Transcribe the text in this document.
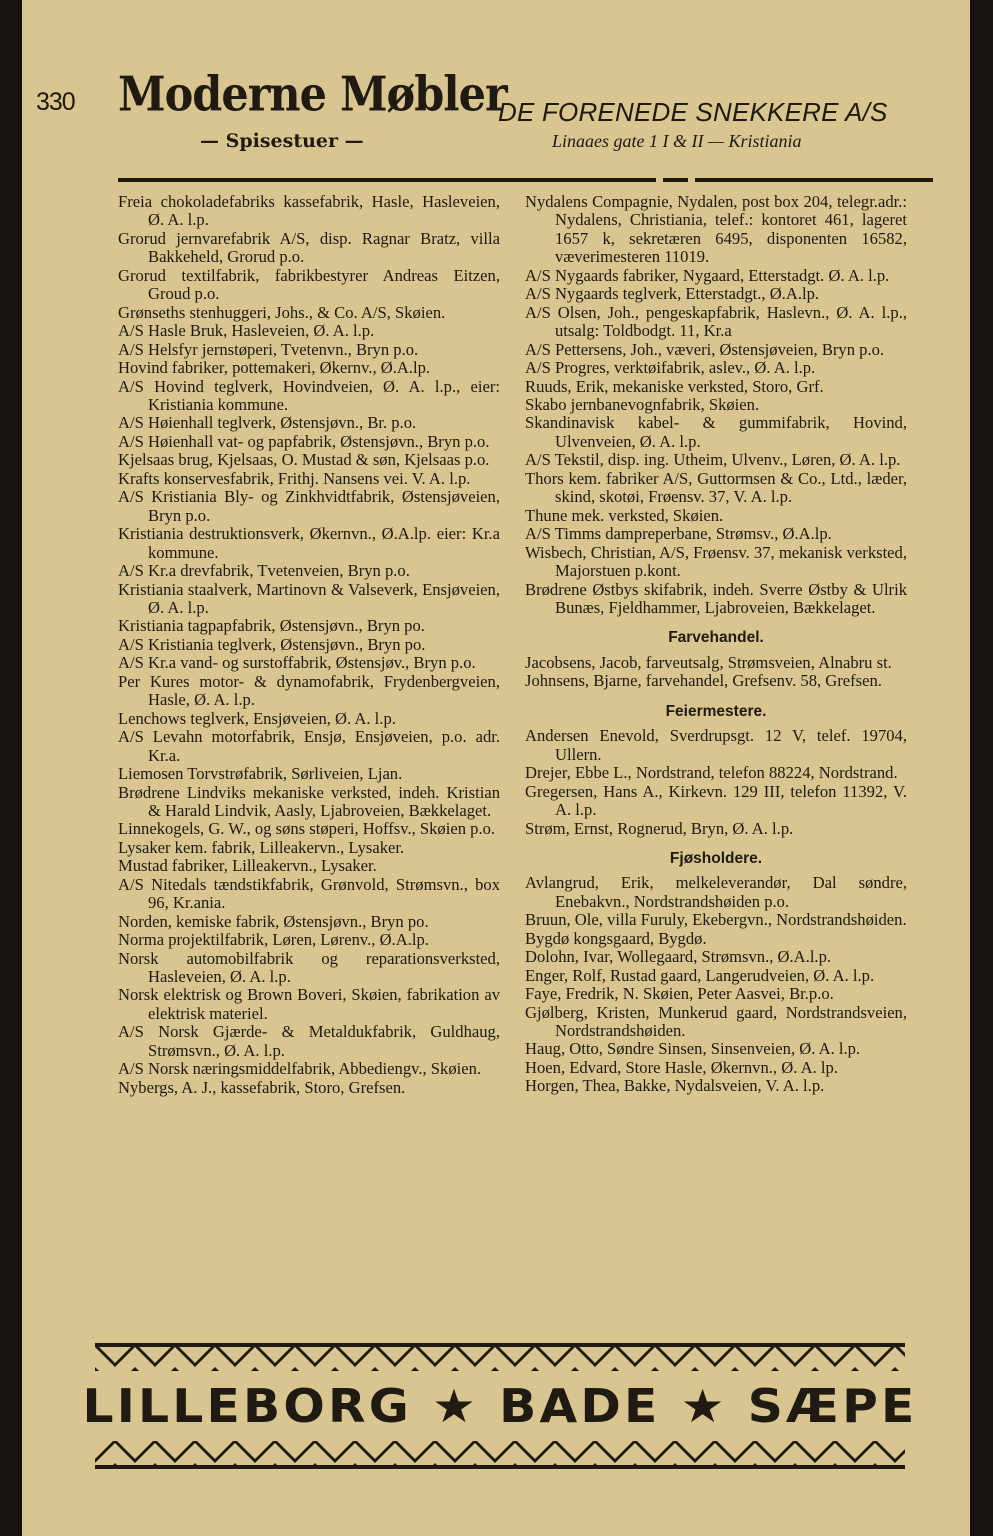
330 Moderne Møbler
— Spisestuer —
DE FORENEDE SNEKKERE A/S
Linaaes gate 1 I & II — Kristiania

Freia chokoladefabriks kassefabrik, Hasle, Hasleveien, Ø. A. l.p.

Grorud jernvarefabrik A/S, disp. Ragnar Bratz, villa Bakkeheld, Grorud p.o.

Grorud textilfabrik, fabrikbestyrer Andreas Eitzen, Groud p.o.

Grønseths stenhuggeri, Johs., & Co. A/S, Skøien.

A/S Hasle Bruk, Hasleveien, Ø. A. l.p.

A/S Helsfyr jernstøperi, Tvetenvn., Bryn p.o.

Hovind fabriker, pottemakeri, Økernv., Ø.A.lp.

A/S Hovind teglverk, Hovindveien, Ø. A. l.p., eier: Kristiania kommune.

A/S Høienhall teglverk, Østensjøvn., Br. p.o.

A/S Høienhall vat- og papfabrik, Østensjøvn., Bryn p.o.

Kjelsaas brug, Kjelsaas, O. Mustad & søn, Kjelsaas p.o.

Krafts konservesfabrik, Frithj. Nansens vei. V. A. l.p.

A/S Kristiania Bly- og Zinkhvidtfabrik, Østensjøveien, Bryn p.o.

Kristiania destruktionsverk, Økernvn., Ø.A.lp. eier: Kr.a kommune.

A/S Kr.a drevfabrik, Tvetenveien, Bryn p.o.

Kristiania staalverk, Martinovn & Valseverk, Ensjøveien, Ø. A. l.p.

Kristiania tagpapfabrik, Østensjøvn., Bryn po.

A/S Kristiania teglverk, Østensjøvn., Bryn po.

A/S Kr.a vand- og surstoffabrik, Østensjøv., Bryn p.o.

Per Kures motor- & dynamofabrik, Frydenbergveien, Hasle, Ø. A. l.p.

Lenchows teglverk, Ensjøveien, Ø. A. l.p.

A/S Levahn motorfabrik, Ensjø, Ensjøveien, p.o. adr. Kr.a.

Liemosen Torvstrøfabrik, Sørliveien, Ljan.

Brødrene Lindviks mekaniske verksted, indeh. Kristian & Harald Lindvik, Aasly, Ljabroveien, Bækkelaget.

Linnekogels, G. W., og søns støperi, Hoffsv., Skøien p.o.

Lysaker kem. fabrik, Lilleakervn., Lysaker.

Mustad fabriker, Lilleakervn., Lysaker.

A/S Nitedals tændstikfabrik, Grønvold, Strømsvn., box 96, Kr.ania.

Norden, kemiske fabrik, Østensjøvn., Bryn po.

Norma projektilfabrik, Løren, Lørenv., Ø.A.lp.

Norsk automobilfabrik og reparationsverksted, Hasleveien, Ø. A. l.p.

Norsk elektrisk og Brown Boveri, Skøien, fabrikation av elektrisk materiel.

A/S Norsk Gjærde- & Metaldukfabrik, Guldhaug, Strømsvn., Ø. A. l.p.

A/S Norsk næringsmiddelfabrik, Abbediengv., Skøien.

Nybergs, A. J., kassefabrik, Storo, Grefsen.

Nydalens Compagnie, Nydalen, post box 204, telegr.adr.: Nydalens, Christiania, telef.: kontoret 461, lageret 1657 k, sekretæren 6495, disponenten 16582, væverimesteren 11019.

A/S Nygaards fabriker, Nygaard, Etterstadgt. Ø. A. l.p.

A/S Nygaards teglverk, Etterstadgt., Ø.A.lp.

A/S Olsen, Joh., pengeskapfabrik, Haslevn., Ø. A. l.p., utsalg: Toldbodgt. 11, Kr.a

A/S Pettersens, Joh., væveri, Østensjøveien, Bryn p.o.

A/S Progres, verktøifabrik, aslev., Ø. A. l.p.

Ruuds, Erik, mekaniske verksted, Storo, Grf.

Skabo jernbanevognfabrik, Skøien.

Skandinavisk kabel- & gummifabrik, Hovind, Ulvenveien, Ø. A. l.p.

A/S Tekstil, disp. ing. Utheim, Ulvenv., Løren, Ø. A. l.p.

Thors kem. fabriker A/S, Guttormsen & Co., Ltd., læder, skind, skotøi, Frøensv. 37, V. A. l.p.

Thune mek. verksted, Skøien.

A/S Timms dampreperbane, Strømsv., Ø.A.lp.

Wisbech, Christian, A/S, Frøensv. 37, mekanisk verksted, Majorstuen p.kont.

Brødrene Østbys skifabrik, indeh. Sverre Østby & Ulrik Bunæs, Fjeldhammer, Ljabroveien, Bækkelaget.

Farvehandel.

Jacobsens, Jacob, farveutsalg, Strømsveien, Alnabru st.

Johnsens, Bjarne, farvehandel, Grefsenv. 58, Grefsen.

Feiermestere.

Andersen Enevold, Sverdrupsgt. 12 V, telef. 19704, Ullern.

Drejer, Ebbe L., Nordstrand, telefon 88224, Nordstrand.

Gregersen, Hans A., Kirkevn. 129 III, telefon 11392, V. A. l.p.

Strøm, Ernst, Rognerud, Bryn, Ø. A. l.p.

Fjøsholdere.

Avlangrud, Erik, melkeleverandør, Dal søndre, Enebakvn., Nordstrandshøiden p.o.

Bruun, Ole, villa Furuly, Ekebergvn., Nordstrandshøiden.

Bygdø kongsgaard, Bygdø.

Dolohn, Ivar, Wollegaard, Strømsvn., Ø.A.l.p.

Enger, Rolf, Rustad gaard, Langerudveien, Ø. A. l.p.

Faye, Fredrik, N. Skøien, Peter Aasvei, Br.p.o.

Gjølberg, Kristen, Munkerud gaard, Nordstrandsveien, Nordstrandshøiden.

Haug, Otto, Søndre Sinsen, Sinsenveien, Ø. A. l.p.

Hoen, Edvard, Store Hasle, Økernvn., Ø. A. lp.

Horgen, Thea, Bakke, Nydalsveien, V. A. l.p.

LILLEBORG ★ BADE ★ SÆPE
